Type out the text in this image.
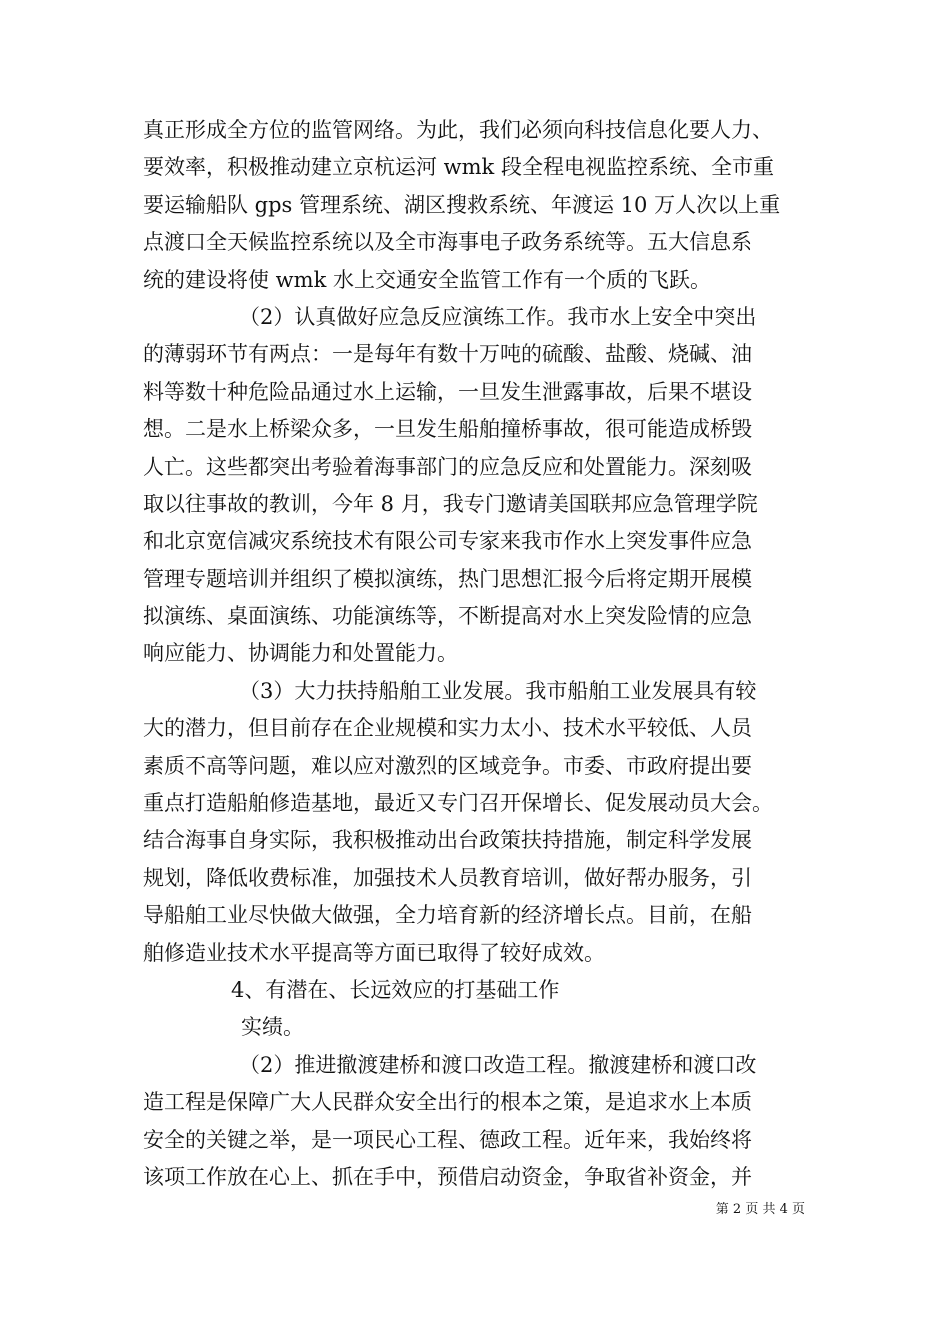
真正形成全方位的监管网络。为此，我们必须向科技信息化要人力、
要效率，积极推动建立京杭运河 wmk 段全程电视监控系统、全市重
要运输船队 gps 管理系统、湖区搜救系统、年渡运 10 万人次以上重
点渡口全天候监控系统以及全市海事电子政务系统等。五大信息系
统的建设将使 wmk 水上交通安全监管工作有一个质的飞跃。
（2）认真做好应急反应演练工作。我市水上安全中突出
的薄弱环节有两点：一是每年有数十万吨的硫酸、盐酸、烧碱、油
料等数十种危险品通过水上运输，一旦发生泄露事故，后果不堪设
想。二是水上桥梁众多，一旦发生船舶撞桥事故，很可能造成桥毁
人亡。这些都突出考验着海事部门的应急反应和处置能力。深刻吸
取以往事故的教训，今年 8 月，我专门邀请美国联邦应急管理学院
和北京宽信减灾系统技术有限公司专家来我市作水上突发事件应急
管理专题培训并组织了模拟演练，热门思想汇报今后将定期开展模
拟演练、桌面演练、功能演练等，不断提高对水上突发险情的应急
响应能力、协调能力和处置能力。
（3）大力扶持船舶工业发展。我市船舶工业发展具有较
大的潜力，但目前存在企业规模和实力太小、技术水平较低、人员
素质不高等问题，难以应对激烈的区域竞争。市委、市政府提出要
重点打造船舶修造基地，最近又专门召开保增长、促发展动员大会。
结合海事自身实际，我积极推动出台政策扶持措施，制定科学发展
规划，降低收费标准，加强技术人员教育培训，做好帮办服务，引
导船舶工业尽快做大做强，全力培育新的经济增长点。目前，在船
舶修造业技术水平提高等方面已取得了较好成效。
4、有潜在、长远效应的打基础工作
实绩。
（2）推进撤渡建桥和渡口改造工程。撤渡建桥和渡口改
造工程是保障广大人民群众安全出行的根本之策，是追求水上本质
安全的关键之举，是一项民心工程、德政工程。近年来，我始终将
该项工作放在心上、抓在手中，预借启动资金，争取省补资金，并
第 2 页 共 4 页
